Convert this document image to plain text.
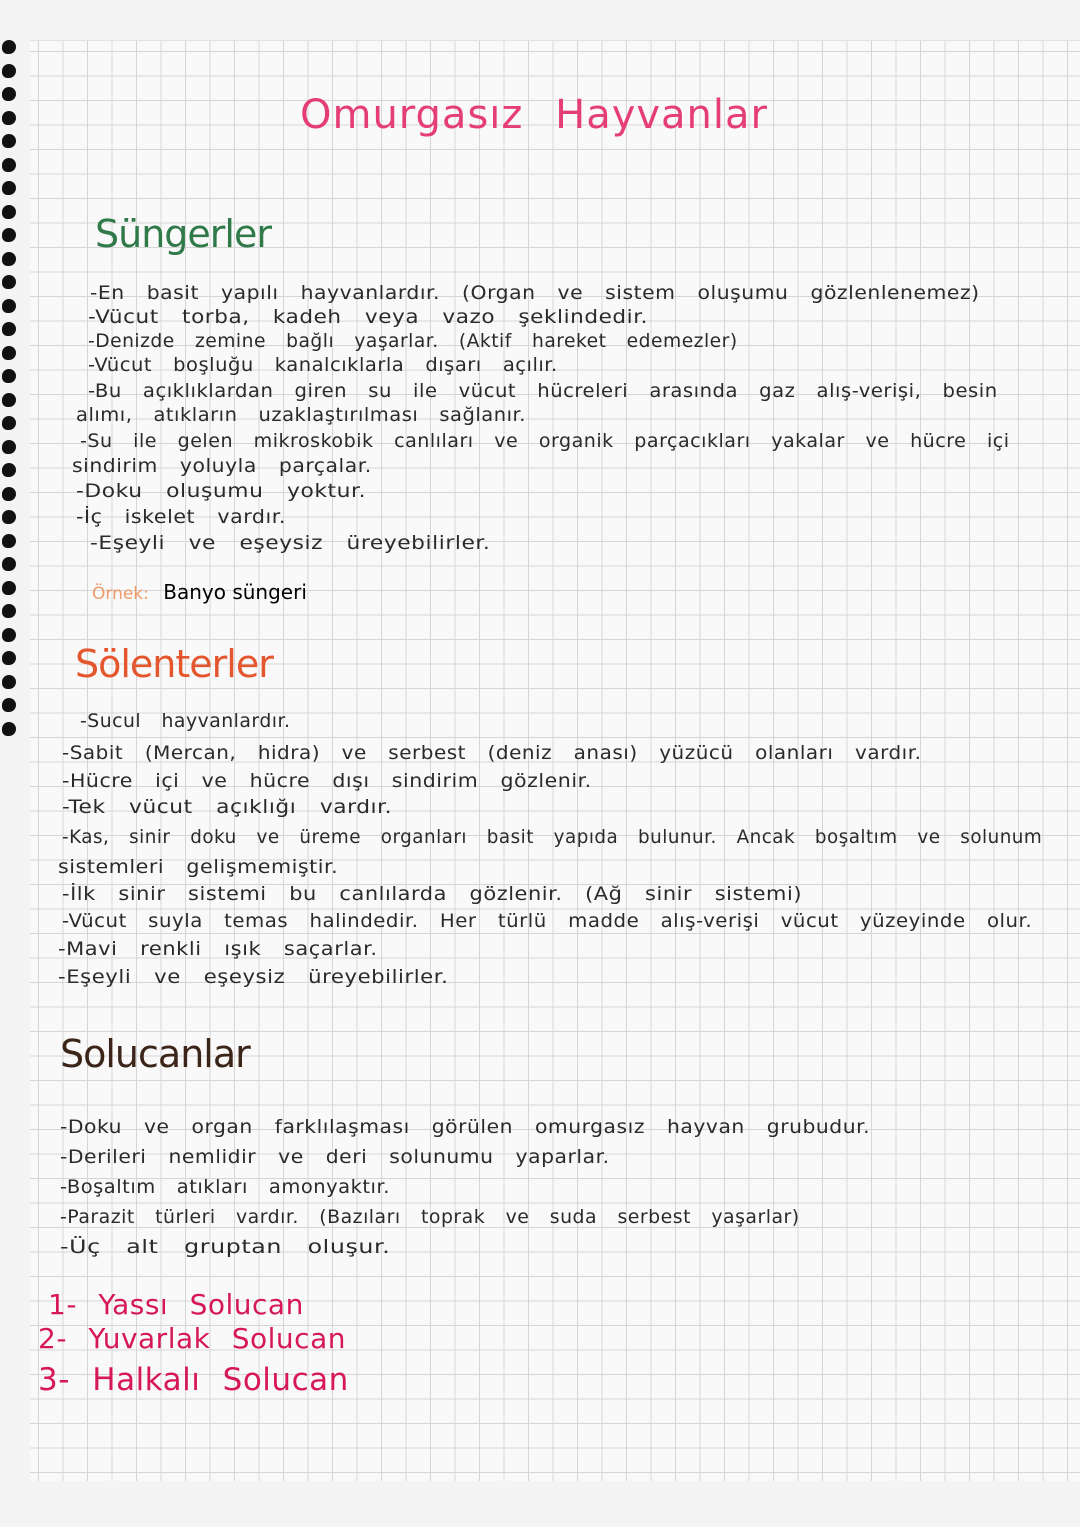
Omurgasız Hayvanlar
Süngerler
-En basit yapılı hayvanlardır. (Organ ve sistem oluşumu gözlenlenemez)
-Vücut torba, kadeh veya vazo şeklindedir.
-Denizde zemine bağlı yaşarlar. (Aktif hareket edemezler)
-Vücut boşluğu kanalcıklarla dışarı açılır.
-Bu açıklıklardan giren su ile vücut hücreleri arasında gaz alış-verişi, besin
alımı, atıkların uzaklaştırılması sağlanır.
-Su ile gelen mikroskobik canlıları ve organik parçacıkları yakalar ve hücre içi
sindirim yoluyla parçalar.
-Doku oluşumu yoktur.
-İç iskelet vardır.
-Eşeyli ve eşeysiz üreyebilirler.
Örnek: Banyo süngeri
Sölenterler
-Sucul hayvanlardır.
-Sabit (Mercan, hidra) ve serbest (deniz anası) yüzücü olanları vardır.
-Hücre içi ve hücre dışı sindirim gözlenir.
-Tek vücut açıklığı vardır.
-Kas, sinir doku ve üreme organları basit yapıda bulunur. Ancak boşaltım ve solunum
sistemleri gelişmemiştir.
-İlk sinir sistemi bu canlılarda gözlenir. (Ağ sinir sistemi)
-Vücut suyla temas halindedir. Her türlü madde alış-verişi vücut yüzeyinde olur.
-Mavi renkli ışık saçarlar.
-Eşeyli ve eşeysiz üreyebilirler.
Solucanlar
-Doku ve organ farklılaşması görülen omurgasız hayvan grubudur.
-Derileri nemlidir ve deri solunumu yaparlar.
-Boşaltım atıkları amonyaktır.
-Parazit türleri vardır. (Bazıları toprak ve suda serbest yaşarlar)
-Üç alt gruptan oluşur.
1- Yassı Solucan
2- Yuvarlak Solucan
3- Halkalı Solucan
